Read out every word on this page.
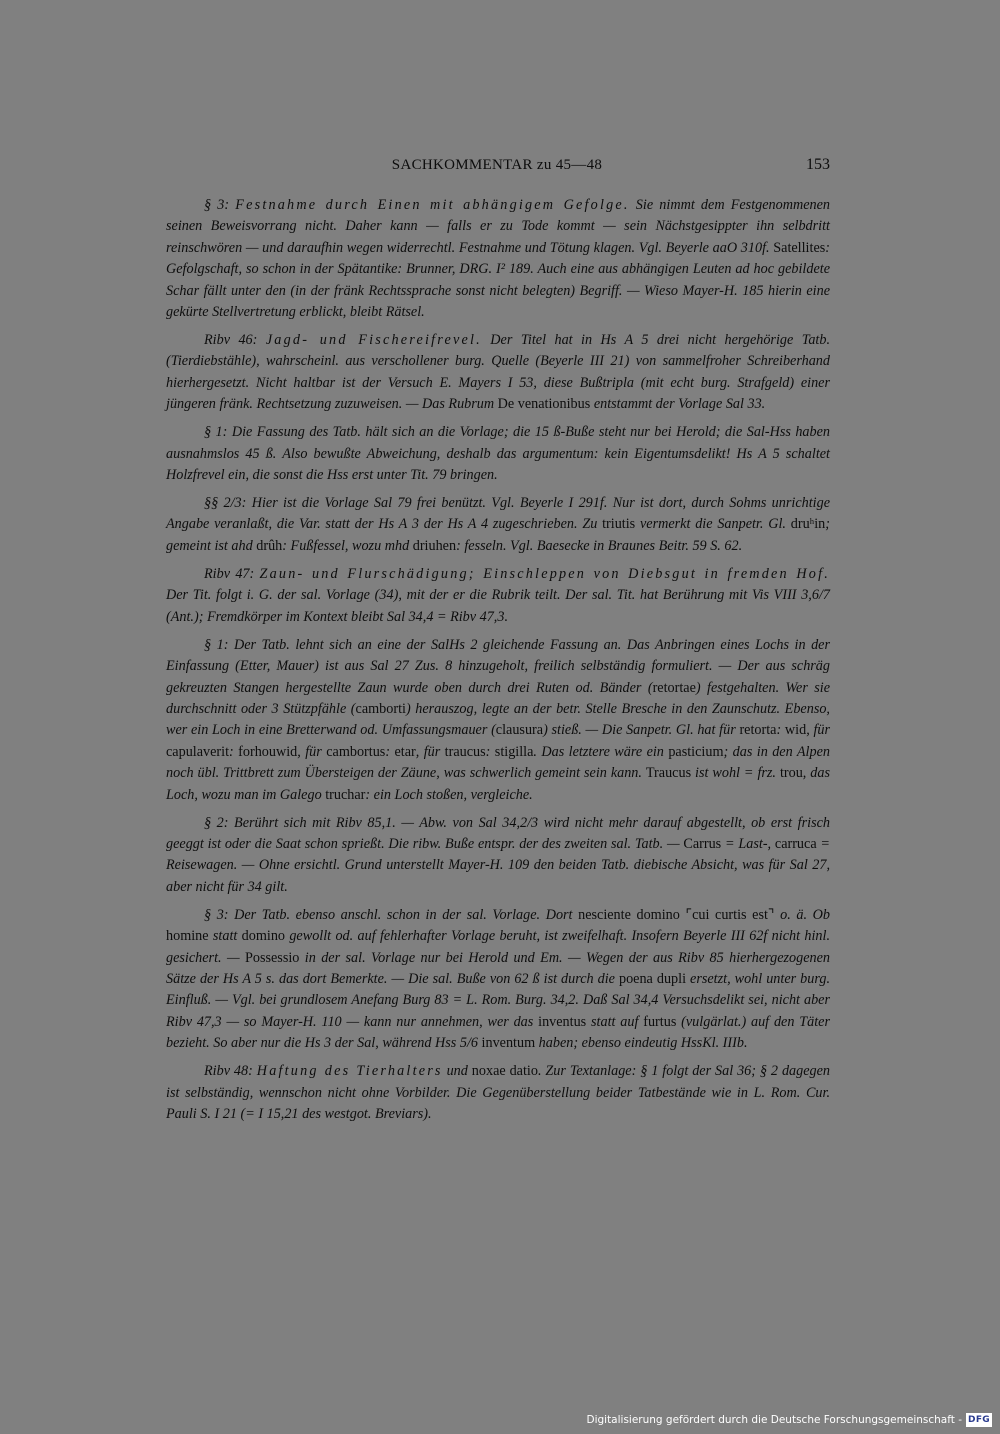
SACHKOMMENTAR zu 45—48	153

§ 3: Festnahme durch Einen mit abhängigem Gefolge. Sie nimmt dem Festgenommenen seinen Beweisvorrang nicht. Daher kann — falls er zu Tode kommt — sein Nächstgesippter ihn selbdritt reinschwören — und daraufhin wegen widerrechtl. Festnahme und Tötung klagen. Vgl. Beyerle aaO 310f. Satellites: Gefolgschaft, so schon in der Spätantike: Brunner, DRG. I² 189. Auch eine aus abhängigen Leuten ad hoc gebildete Schar fällt unter den (in der fränk Rechtssprache sonst nicht belegten) Begriff. — Wieso Mayer-H. 185 hierin eine gekürte Stellvertretung erblickt, bleibt Rätsel.

Ribv 46: Jagd- und Fischereifrevel. Der Titel hat in Hs A 5 drei nicht hergehörige Tatb. (Tierdiebstähle), wahrscheinl. aus verschollener burg. Quelle (Beyerle III 21) von sammelfroher Schreiberhand hierhergesetzt. Nicht haltbar ist der Versuch E. Mayers I 53, diese Bußtripla (mit echt burg. Strafgeld) einer jüngeren fränk. Rechtsetzung zuzuweisen. — Das Rubrum De venationibus entstammt der Vorlage Sal 33.

§ 1: Die Fassung des Tatb. hält sich an die Vorlage; die 15 ß-Buße steht nur bei Herold; die Sal-Hss haben ausnahmslos 45 ß. Also bewußte Abweichung, deshalb das argumentum: kein Eigentumsdelikt! Hs A 5 schaltet Holzfrevel ein, die sonst die Hss erst unter Tit. 79 bringen.

§§ 2/3: Hier ist die Vorlage Sal 79 frei benützt. Vgl. Beyerle I 291f. Nur ist dort, durch Sohms unrichtige Angabe veranlaßt, die Var. statt der Hs A 3 der Hs A 4 zugeschrieben. Zu triutis vermerkt die Sanpetr. Gl. druʰin; gemeint ist ahd drûh: Fußfessel, wozu mhd driuhen: fesseln. Vgl. Baesecke in Braunes Beitr. 59 S. 62.

Ribv 47: Zaun- und Flurschädigung; Einschleppen von Diebsgut in fremden Hof. Der Tit. folgt i. G. der sal. Vorlage (34), mit der er die Rubrik teilt. Der sal. Tit. hat Berührung mit Vis VIII 3,6/7 (Ant.); Fremdkörper im Kontext bleibt Sal 34,4 = Ribv 47,3.

§ 1: Der Tatb. lehnt sich an eine der SalHs 2 gleichende Fassung an. Das Anbringen eines Lochs in der Einfassung (Etter, Mauer) ist aus Sal 27 Zus. 8 hinzugeholt, freilich selbständig formuliert. — Der aus schräg gekreuzten Stangen hergestellte Zaun wurde oben durch drei Ruten od. Bänder (retortae) festgehalten. Wer sie durchschnitt oder 3 Stützpfähle (camborti) herauszog, legte an der betr. Stelle Bresche in den Zaunschutz. Ebenso, wer ein Loch in eine Bretterwand od. Umfassungsmauer (clausura) stieß. — Die Sanpetr. Gl. hat für retorta: wid, für capulaverit: forhouwid, für cambortus: etar, für traucus: stigilla. Das letztere wäre ein pasticium; das in den Alpen noch übl. Trittbrett zum Übersteigen der Zäune, was schwerlich gemeint sein kann. Traucus ist wohl = frz. trou, das Loch, wozu man im Galego truchar: ein Loch stoßen, vergleiche.

§ 2: Berührt sich mit Ribv 85,1. — Abw. von Sal 34,2/3 wird nicht mehr darauf abgestellt, ob erst frisch geeggt ist oder die Saat schon sprießt. Die ribw. Buße entspr. der des zweiten sal. Tatb. — Carrus = Last-, carruca = Reisewagen. — Ohne ersichtl. Grund unterstellt Mayer-H. 109 den beiden Tatb. diebische Absicht, was für Sal 27, aber nicht für 34 gilt.

§ 3: Der Tatb. ebenso anschl. schon in der sal. Vorlage. Dort nesciente domino ⌜cui curtis est⌝ o. ä. Ob homine statt domino gewollt od. auf fehlerhafter Vorlage beruht, ist zweifelhaft. Insofern Beyerle III 62f nicht hinl. gesichert. — Possessio in der sal. Vorlage nur bei Herold und Em. — Wegen der aus Ribv 85 hierhergezogenen Sätze der Hs A 5 s. das dort Bemerkte. — Die sal. Buße von 62 ß ist durch die poena dupli ersetzt, wohl unter burg. Einfluß. — Vgl. bei grundlosem Anefang Burg 83 = L. Rom. Burg. 34,2. Daß Sal 34,4 Versuchsdelikt sei, nicht aber Ribv 47,3 — so Mayer-H. 110 — kann nur annehmen, wer das inventus statt auf furtus (vulgärlat.) auf den Täter bezieht. So aber nur die Hs 3 der Sal, während Hss 5/6 inventum haben; ebenso eindeutig HssKl. IIIb.

Ribv 48: Haftung des Tierhalters und noxae datio. Zur Textanlage: § 1 folgt der Sal 36; § 2 dagegen ist selbständig, wennschon nicht ohne Vorbilder. Die Gegenüberstellung beider Tatbestände wie in L. Rom. Cur. Pauli S. I 21 (= I 15,21 des westgot. Breviars).

Digitalisierung gefördert durch die Deutsche Forschungsgemeinschaft - DFG
